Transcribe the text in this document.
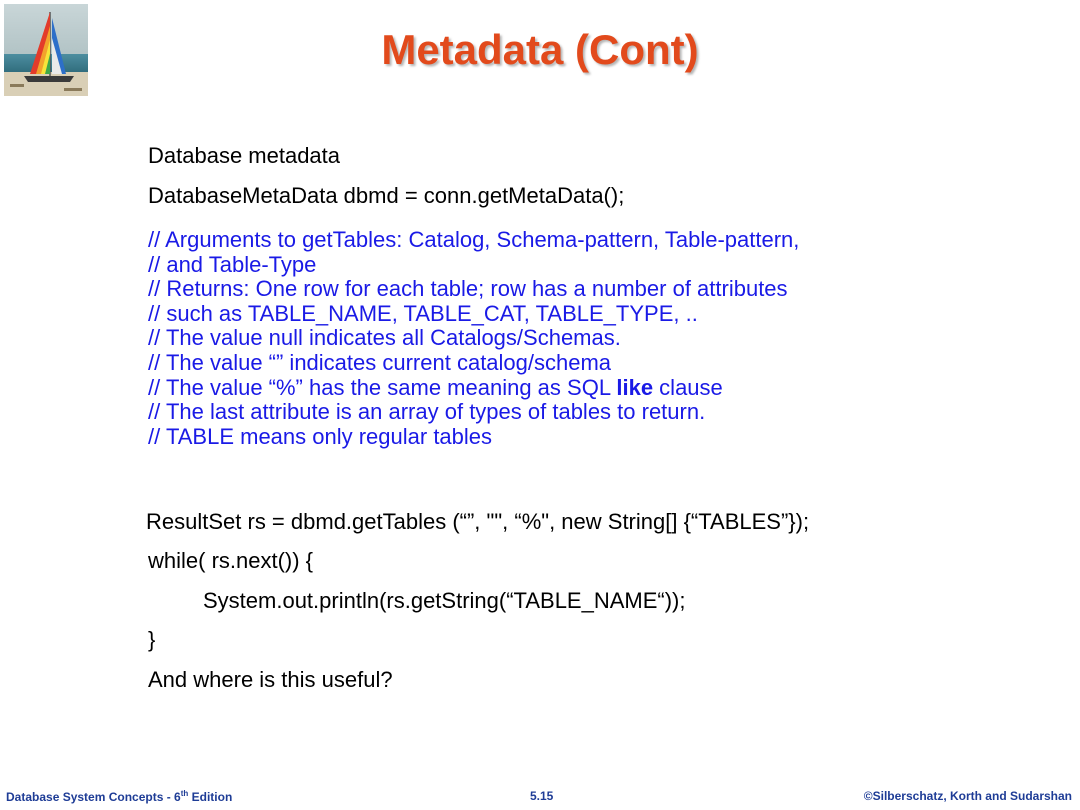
Metadata (Cont)
Database metadata
DatabaseMetaData dbmd = conn.getMetaData();
// Arguments to getTables: Catalog, Schema-pattern, Table-pattern,
// and Table-Type
// Returns: One row for each table; row has a number of attributes
// such as TABLE_NAME, TABLE_CAT, TABLE_TYPE, ..
// The value null indicates all Catalogs/Schemas.
// The value “” indicates current catalog/schema
// The value “%” has the same meaning as SQL like clause
// The last attribute is an array of types of tables to return.
// TABLE means only regular tables
ResultSet rs = dbmd.getTables (“”, "", “%", new String[] {“TABLES”});
while( rs.next()) {
System.out.println(rs.getString(“TABLE_NAME“));
}
And where is this useful?
Database System Concepts - 6th Edition	5.15	©Silberschatz, Korth and Sudarshan
